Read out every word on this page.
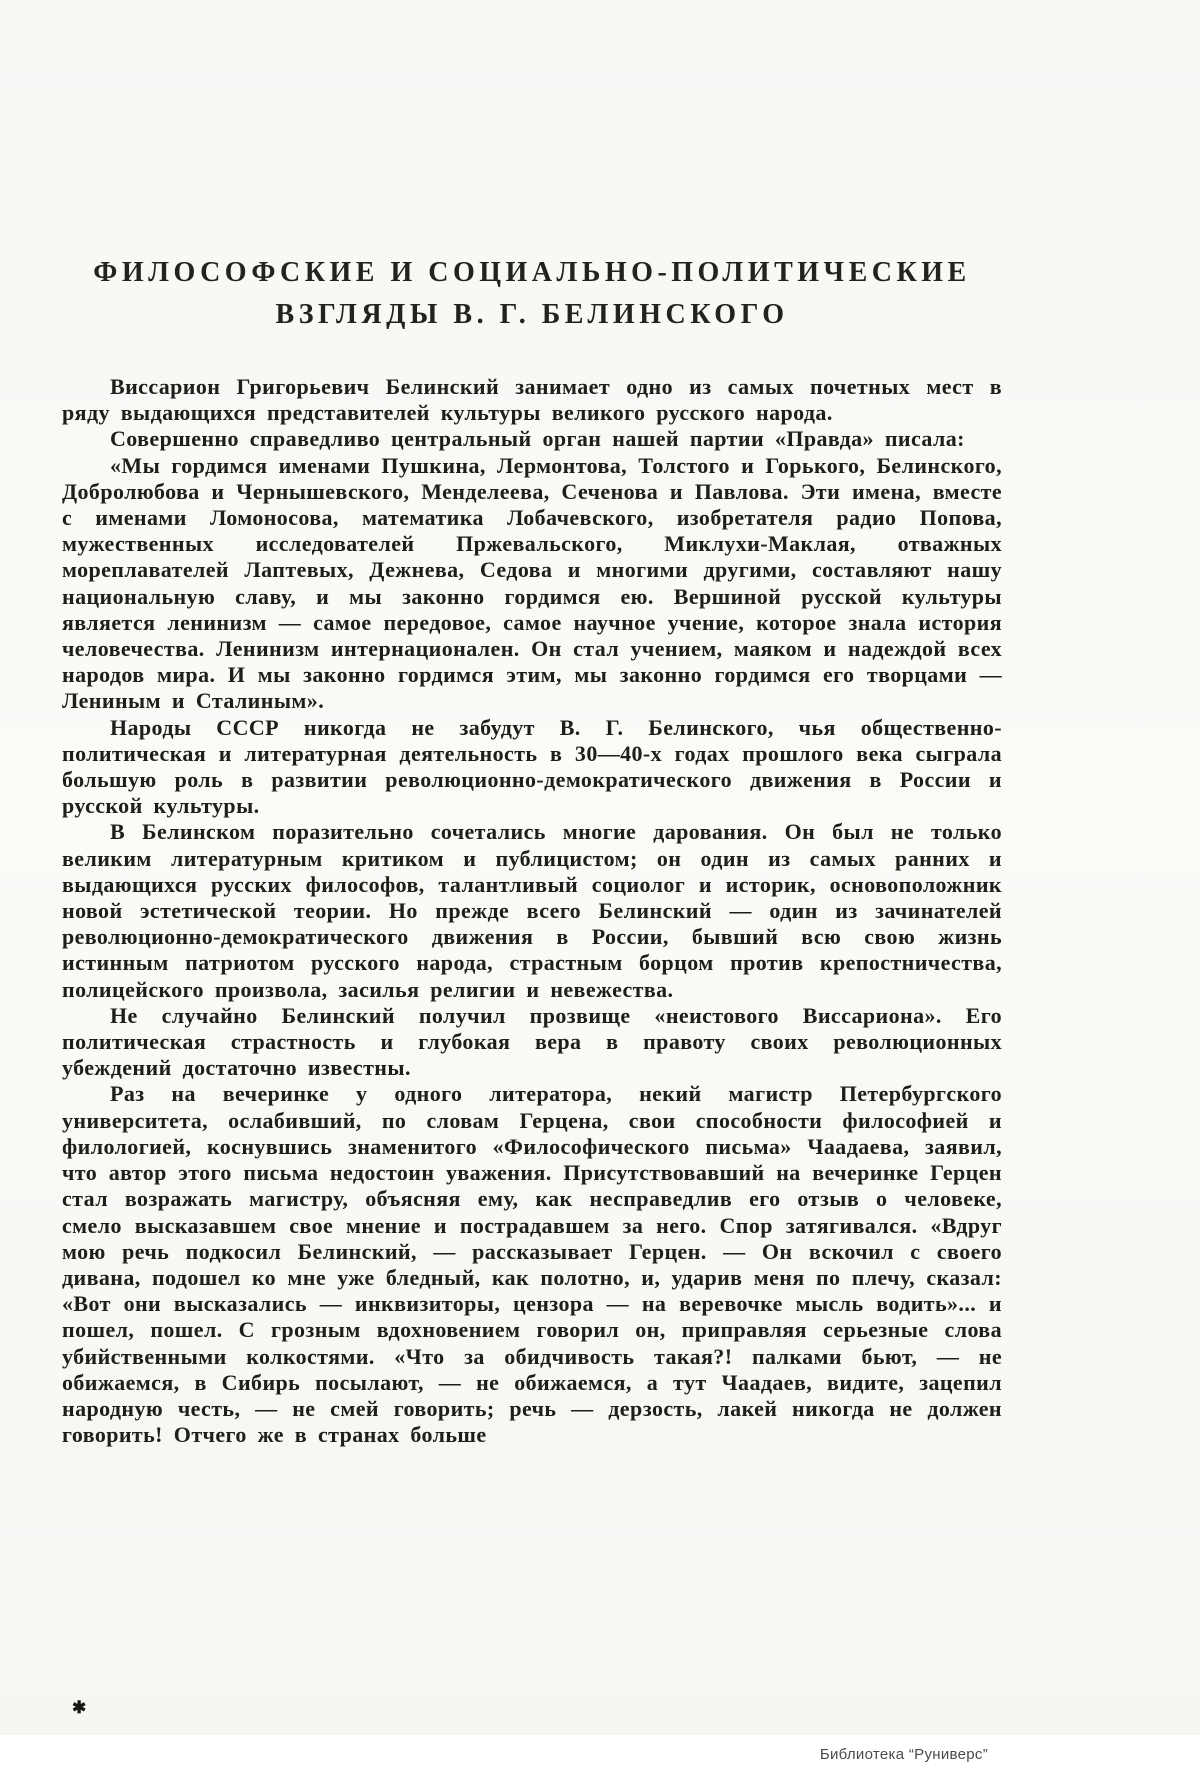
ФИЛОСОФСКИЕ И СОЦИАЛЬНО-ПОЛИТИЧЕСКИЕ
ВЗГЛЯДЫ В. Г. БЕЛИНСКОГО

Виссарион Григорьевич Белинский занимает одно из самых почетных мест в ряду выдающихся представителей культуры великого русского народа.

Совершенно справедливо центральный орган нашей партии «Правда» писала:

«Мы гордимся именами Пушкина, Лермонтова, Толстого и Горького, Белинского, Добролюбова и Чернышевского, Менделеева, Сеченова и Павлова. Эти имена, вместе с именами Ломоносова, математика Лобачевского, изобретателя радио Попова, мужественных исследователей Пржевальского, Миклухи-Маклая, отважных мореплавателей Лаптевых, Дежнева, Седова и многими другими, составляют нашу национальную славу, и мы законно гордимся ею. Вершиной русской культуры является ленинизм — самое передовое, самое научное учение, которое знала история человечества. Ленинизм интернационален. Он стал учением, маяком и надеждой всех народов мира. И мы законно гордимся этим, мы законно гордимся его творцами — Лениным и Сталиным».

Народы СССР никогда не забудут В. Г. Белинского, чья общественно-политическая и литературная деятельность в 30—40-х годах прошлого века сыграла большую роль в развитии революционно-демократического движения в России и русской культуры.

В Белинском поразительно сочетались многие дарования. Он был не только великим литературным критиком и публицистом; он один из самых ранних и выдающихся русских философов, талантливый социолог и историк, основоположник новой эстетической теории. Но прежде всего Белинский — один из зачинателей революционно-демократического движения в России, бывший всю свою жизнь истинным патриотом русского народа, страстным борцом против крепостничества, полицейского произвола, засилья религии и невежества.

Не случайно Белинский получил прозвище «неистового Виссариона». Его политическая страстность и глубокая вера в правоту своих революционных убеждений достаточно известны.

Раз на вечеринке у одного литератора, некий магистр Петербургского университета, ослабивший, по словам Герцена, свои способности философией и филологией, коснувшись знаменитого «Философического письма» Чаадаева, заявил, что автор этого письма недостоин уважения. Присутствовавший на вечеринке Герцен стал возражать магистру, объясняя ему, как несправедлив его отзыв о человеке, смело высказавшем свое мнение и пострадавшем за него. Спор затягивался. «Вдруг мою речь подкосил Белинский, — рассказывает Герцен. — Он вскочил с своего дивана, подошел ко мне уже бледный, как полотно, и, ударив меня по плечу, сказал: «Вот они высказались — инквизиторы, цензора — на веревочке мысль водить»... и пошел, пошел. С грозным вдохновением говорил он, приправляя серьезные слова убийственными колкостями. «Что за обидчивость такая?! палками бьют, — не обижаемся, в Сибирь посылают, — не обижаемся, а тут Чаадаев, видите, зацепил народную честь, — не смей говорить; речь — дерзость, лакей никогда не должен говорить! Отчего же в странах больше

✱
Библиотека “Руниверс”
